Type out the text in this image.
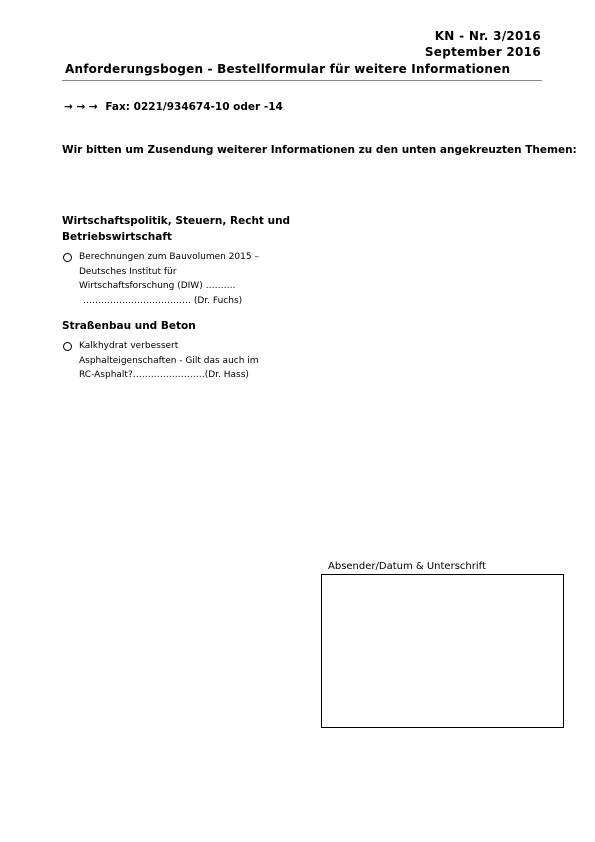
KN - Nr. 3/2016
September 2016
Anforderungsbogen - Bestellformular für weitere Informationen
→ → → Fax: 0221/934674-10 oder -14
Wir bitten um Zusendung weiterer Informationen zu den unten angekreuzten Themen:
Wirtschaftspolitik, Steuern, Recht und
Betriebswirtschaft
Berechnungen zum Bauvolumen 2015 –
Deutsches Institut für
Wirtschaftsforschung (DIW) ……….
……………………………… (Dr. Fuchs)
Straßenbau und Beton
Kalkhydrat verbessert
Asphalteigenschaften - Gilt das auch im
RC-Asphalt?……………………(Dr. Hass)
Absender/Datum & Unterschrift
